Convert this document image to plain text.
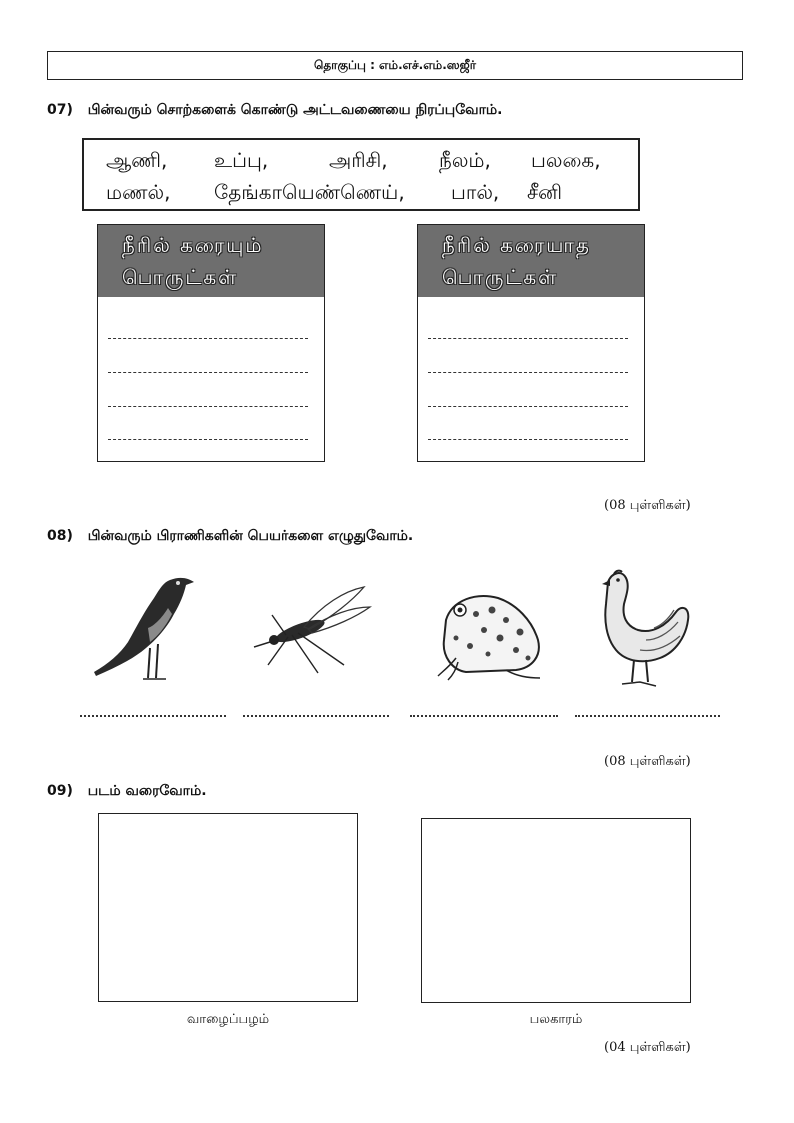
தொகுப்பு : எம்.எச்.எம்.ஸஜீர்
07) பின்வரும் சொற்களைக் கொண்டு அட்டவணையை நிரப்புவோம்.
ஆணி, உப்பு,	அரிசி,	நீலம், பலகை,
மணல், தேங்காயெண்ணெய், பால், சீனி
நீரில் கரையும்
பொருட்கள்
நீரில் கரையாத
பொருட்கள்
(08 புள்ளிகள்)
08) பின்வரும் பிராணிகளின் பெயர்களை எழுதுவோம்.
(08 புள்ளிகள்)
09) படம் வரைவோம்.
வாழைப்பழம்	பலகாரம்
(04 புள்ளிகள்)
